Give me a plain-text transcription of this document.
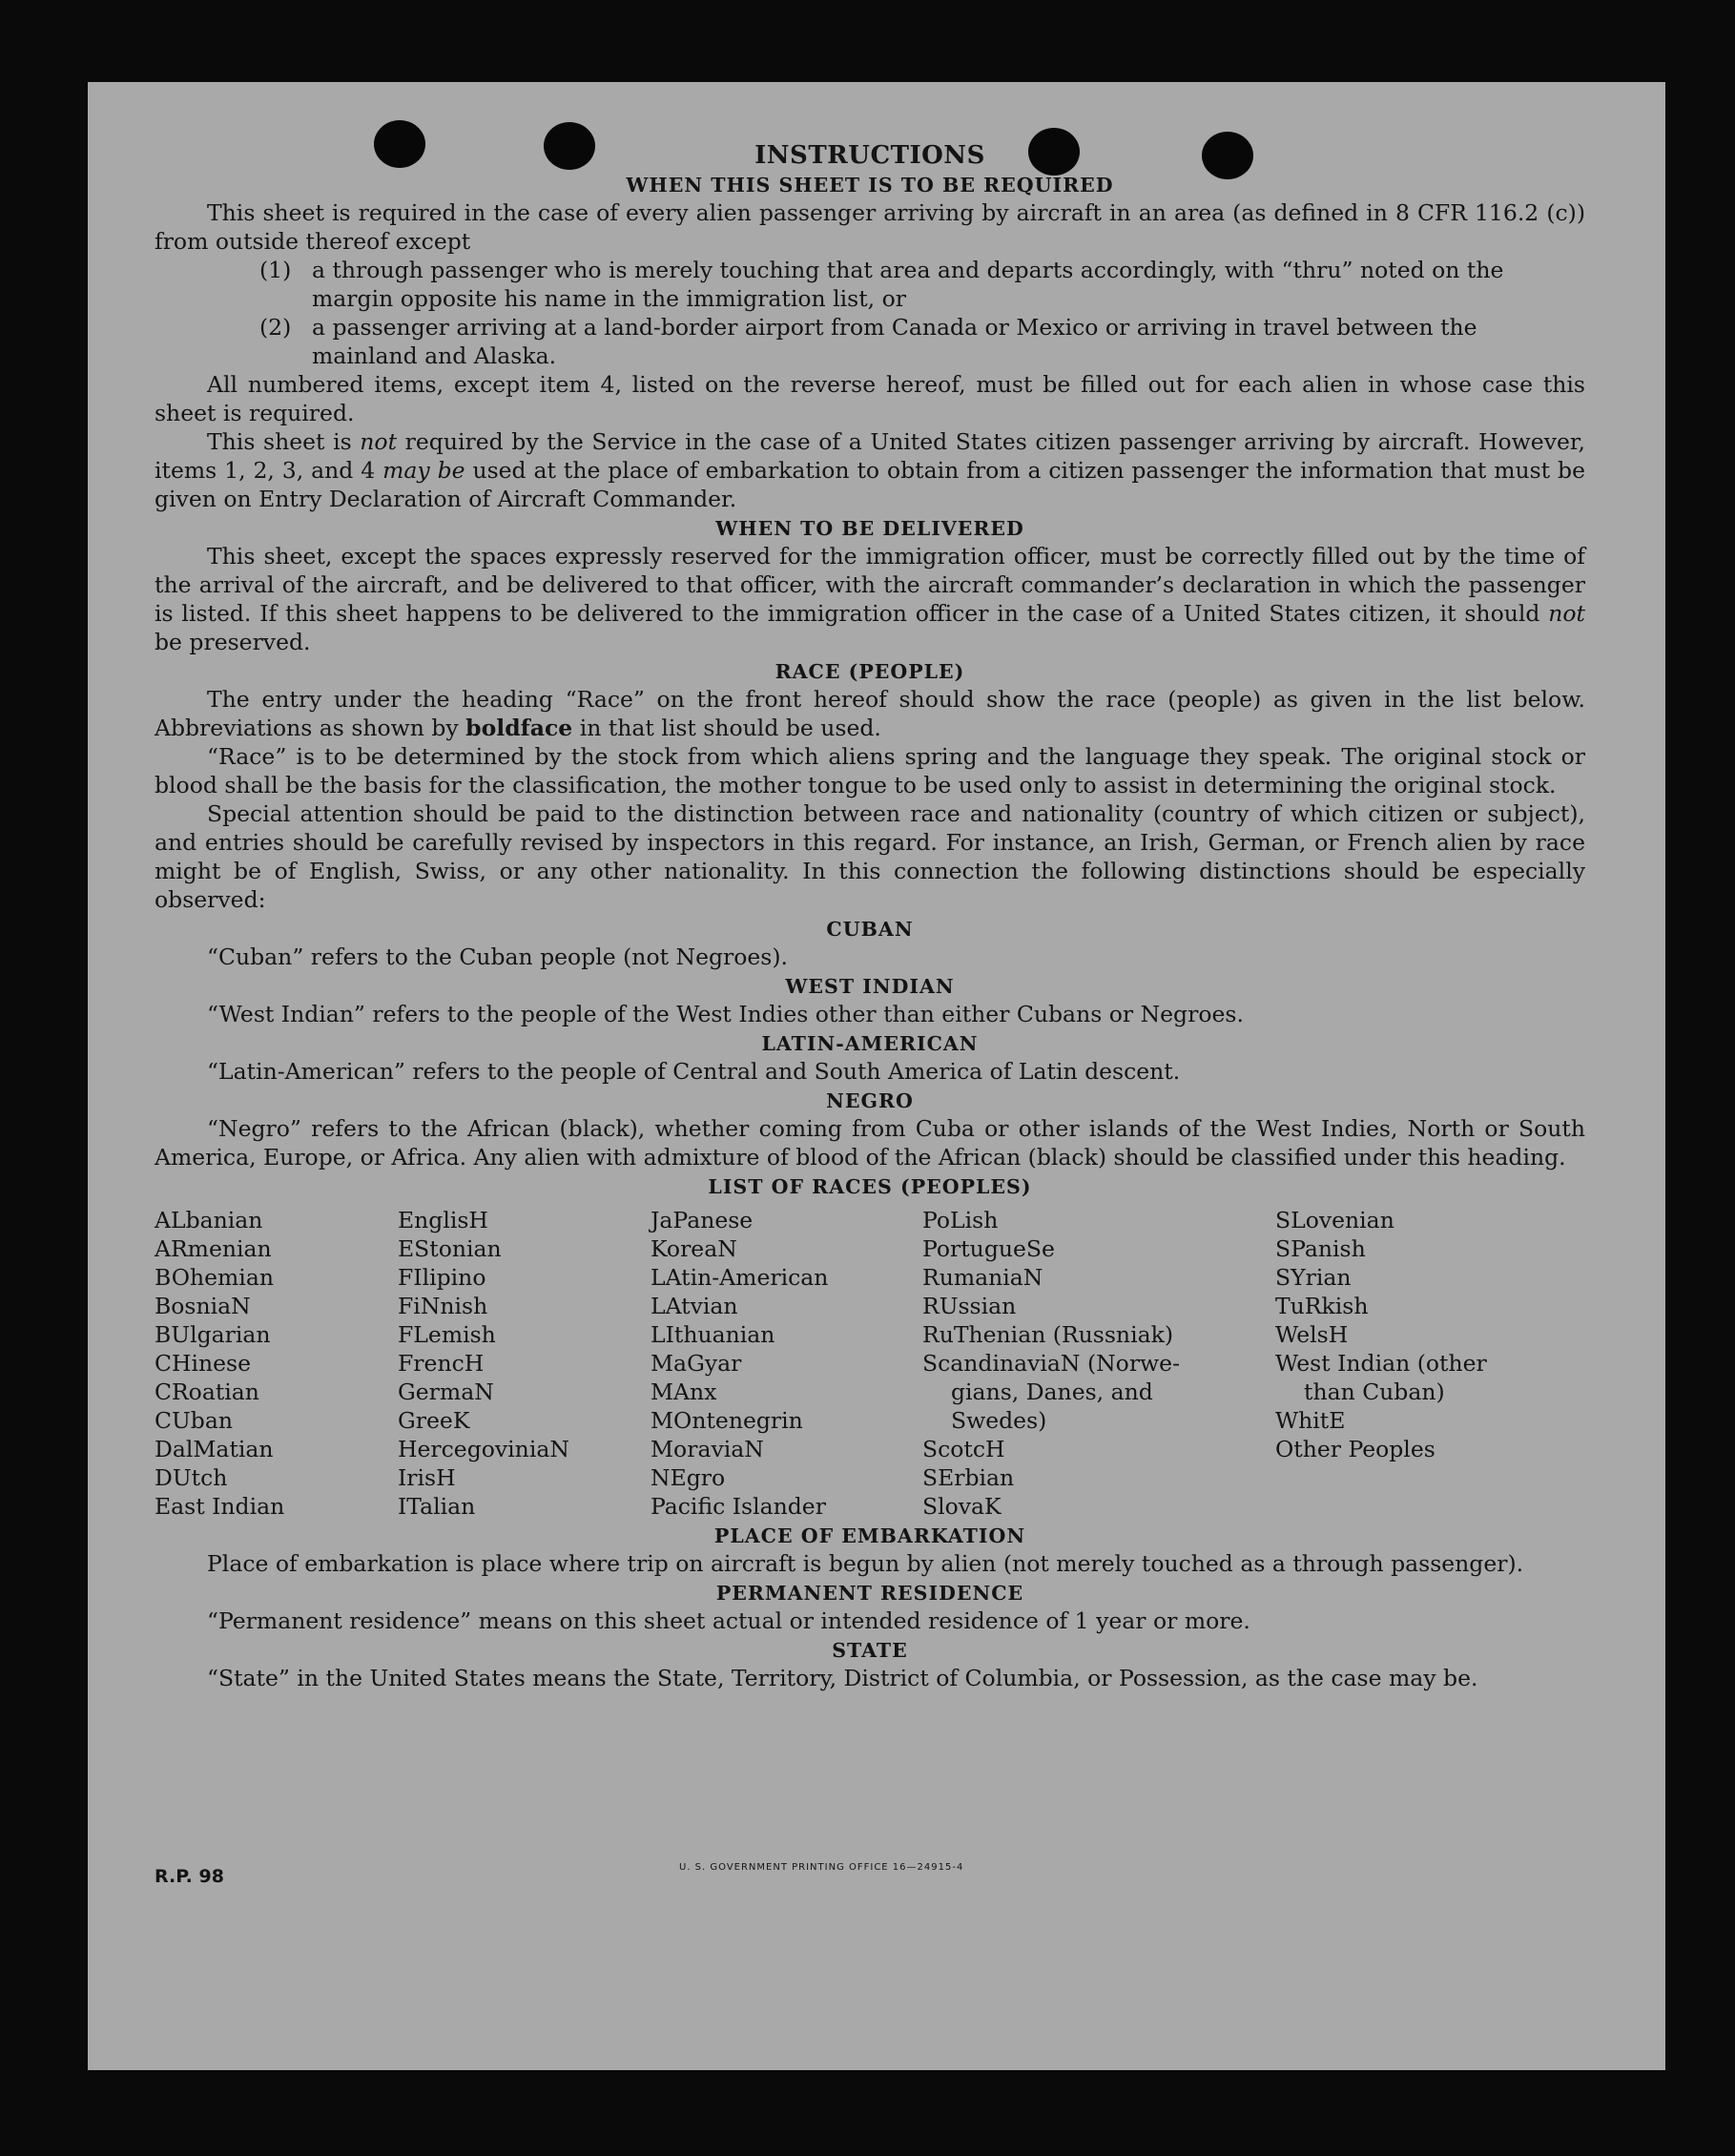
INSTRUCTIONS
WHEN THIS SHEET IS TO BE REQUIRED

This sheet is required in the case of every alien passenger arriving by aircraft in an area (as defined in 8 CFR 116.2 (c)) from outside thereof except

(1) a through passenger who is merely touching that area and departs accordingly, with “thru” noted on the margin opposite his name in the immigration list, or
(2) a passenger arriving at a land-border airport from Canada or Mexico or arriving in travel between the mainland and Alaska.

All numbered items, except item 4, listed on the reverse hereof, must be filled out for each alien in whose case this sheet is required.

This sheet is not required by the Service in the case of a United States citizen passenger arriving by aircraft. However, items 1, 2, 3, and 4 may be used at the place of embarkation to obtain from a citizen passenger the information that must be given on Entry Declaration of Aircraft Commander.

WHEN TO BE DELIVERED

This sheet, except the spaces expressly reserved for the immigration officer, must be correctly filled out by the time of the arrival of the aircraft, and be delivered to that officer, with the aircraft commander’s declaration in which the passenger is listed. If this sheet happens to be delivered to the immigration officer in the case of a United States citizen, it should not be preserved.

RACE (PEOPLE)

The entry under the heading “Race” on the front hereof should show the race (people) as given in the list below. Abbreviations as shown by boldface in that list should be used.

“Race” is to be determined by the stock from which aliens spring and the language they speak. The original stock or blood shall be the basis for the classification, the mother tongue to be used only to assist in determining the original stock.

Special attention should be paid to the distinction between race and nationality (country of which citizen or subject), and entries should be carefully revised by inspectors in this regard. For instance, an Irish, German, or French alien by race might be of English, Swiss, or any other nationality. In this connection the following distinctions should be especially observed:

CUBAN

“Cuban” refers to the Cuban people (not Negroes).

WEST INDIAN

“West Indian” refers to the people of the West Indies other than either Cubans or Negroes.

LATIN-AMERICAN

“Latin-American” refers to the people of Central and South America of Latin descent.

NEGRO

“Negro” refers to the African (black), whether coming from Cuba or other islands of the West Indies, North or South America, Europe, or Africa. Any alien with admixture of blood of the African (black) should be classified under this heading.

LIST OF RACES (PEOPLES)
ALbanian
ARmenian
BOhemian
BosniaN
BUlgarian
CHinese
CRoatian
CUban
DalMatian
DUtch
East Indian
EnglisH
EStonian
FIlipino
FiNnish
FLemish
FrencH
GermaN
GreeK
HercegoviniaN
IrisH
ITalian
JaPanese
KoreaN
LAtin-American
LAtvian
LIthuanian
MaGyar
MAnx
MOntenegrin
MoraviaN
NEgro
Pacific Islander
PoLish
PortugueSe
RumaniaN
RUssian
RuThenian (Russniak)
ScandinaviaN (Norwe-
gians, Danes, and
Swedes)
ScotcH
SErbian
SlovaK
SLovenian
SPanish
SYrian
TuRkish
WelsH
West Indian (other
than Cuban)
WhitE
Other Peoples
PLACE OF EMBARKATION

Place of embarkation is place where trip on aircraft is begun by alien (not merely touched as a through passenger).

PERMANENT RESIDENCE

“Permanent residence” means on this sheet actual or intended residence of 1 year or more.

STATE

“State” in the United States means the State, Territory, District of Columbia, or Possession, as the case may be.

R.P. 98	U. S. GOVERNMENT PRINTING OFFICE 16—24915-4
